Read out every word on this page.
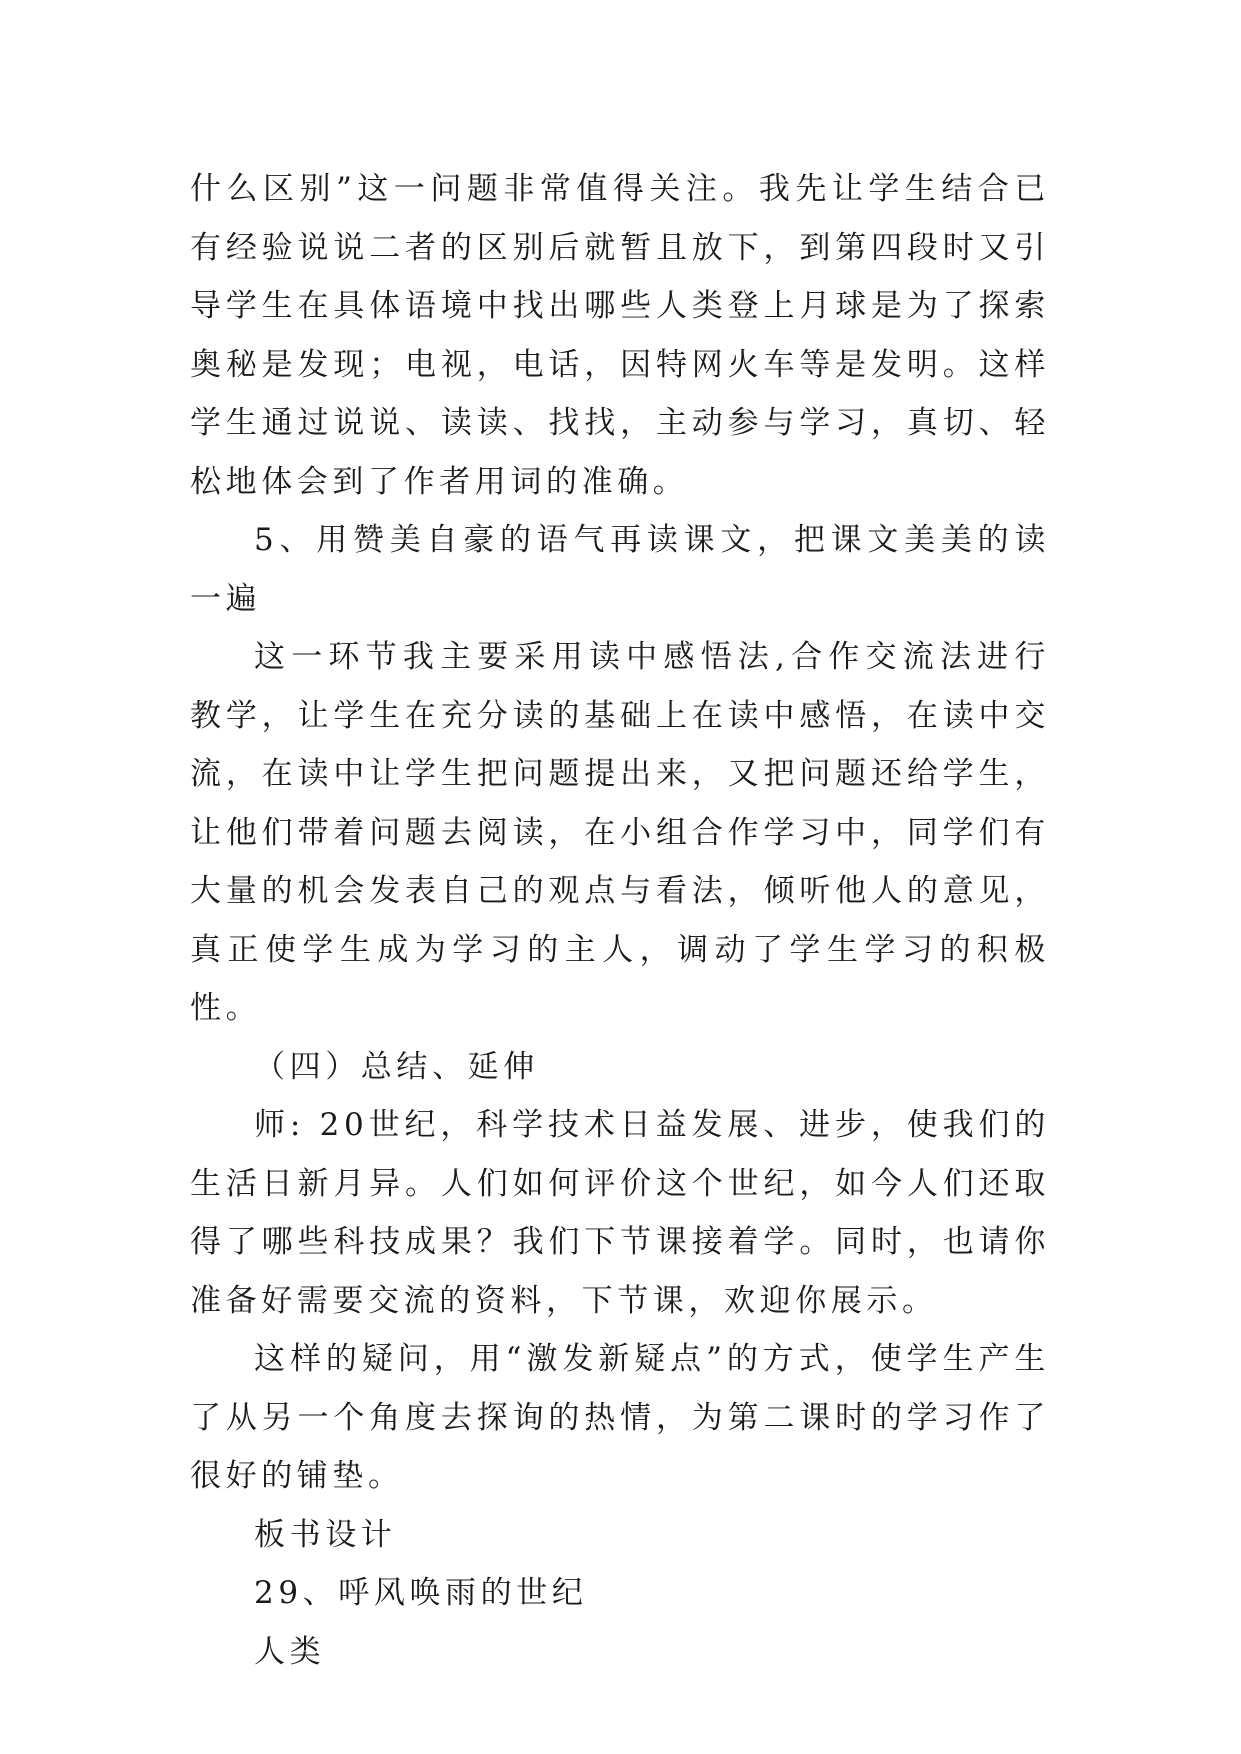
什么区别”这一问题非常值得关注。我先让学生结合已有经验说说二者的区别后就暂且放下，到第四段时又引导学生在具体语境中找出哪些人类登上月球是为了探索奥秘是发现；电视，电话，因特网火车等是发明。这样学生通过说说、读读、找找，主动参与学习，真切、轻松地体会到了作者用词的准确。

5、用赞美自豪的语气再读课文，把课文美美的读一遍

这一环节我主要采用读中感悟法,合作交流法进行教学，让学生在充分读的基础上在读中感悟，在读中交流，在读中让学生把问题提出来，又把问题还给学生，让他们带着问题去阅读，在小组合作学习中，同学们有大量的机会发表自己的观点与看法，倾听他人的意见，真正使学生成为学习的主人，调动了学生学习的积极性。

（四）总结、延伸

师: 20世纪，科学技术日益发展、进步，使我们的生活日新月异。人们如何评价这个世纪，如今人们还取得了哪些科技成果？我们下节课接着学。同时，也请你准备好需要交流的资料，下节课，欢迎你展示。

这样的疑问，用“激发新疑点”的方式，使学生产生了从另一个角度去探询的热情，为第二课时的学习作了很好的铺垫。

板书设计

29、呼风唤雨的世纪

人类
